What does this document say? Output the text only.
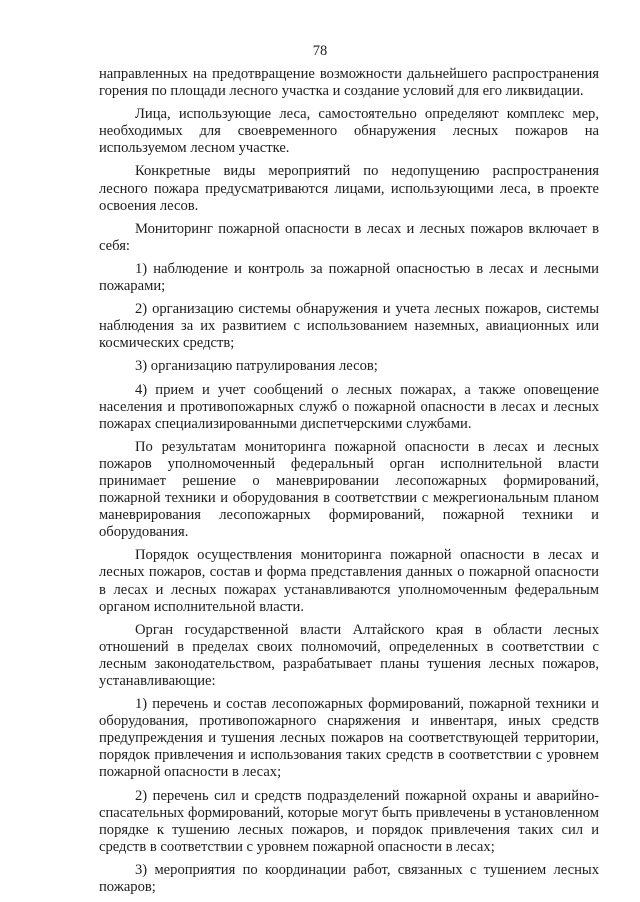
78

направленных на предотвращение возможности дальнейшего распространения горения по площади лесного участка и создание условий для его ликвидации.

Лица, использующие леса, самостоятельно определяют комплекс мер, необходимых для своевременного обнаружения лесных пожаров на используемом лесном участке.

Конкретные виды мероприятий по недопущению распространения лесного пожара предусматриваются лицами, использующими леса, в проекте освоения лесов.

Мониторинг пожарной опасности в лесах и лесных пожаров включает в себя:

1) наблюдение и контроль за пожарной опасностью в лесах и лесными пожарами;

2) организацию системы обнаружения и учета лесных пожаров, системы наблюдения за их развитием с использованием наземных, авиационных или космических средств;

3) организацию патрулирования лесов;

4) прием и учет сообщений о лесных пожарах, а также оповещение населения и противопожарных служб о пожарной опасности в лесах и лесных пожарах специализированными диспетчерскими службами.

По результатам мониторинга пожарной опасности в лесах и лесных пожаров уполномоченный федеральный орган исполнительной власти принимает решение о маневрировании лесопожарных формирований, пожарной техники и оборудования в соответствии с межрегиональным планом маневрирования лесопожарных формирований, пожарной техники и оборудования.

Порядок осуществления мониторинга пожарной опасности в лесах и лесных пожаров, состав и форма представления данных о пожарной опасности в лесах и лесных пожарах устанавливаются уполномоченным федеральным органом исполнительной власти.

Орган государственной власти Алтайского края в области лесных отношений в пределах своих полномочий, определенных в соответствии с лесным законодательством, разрабатывает планы тушения лесных пожаров, устанавливающие:

1) перечень и состав лесопожарных формирований, пожарной техники и оборудования, противопожарного снаряжения и инвентаря, иных средств предупреждения и тушения лесных пожаров на соответствующей территории, порядок привлечения и использования таких средств в соответствии с уровнем пожарной опасности в лесах;

2) перечень сил и средств подразделений пожарной охраны и аварийно-спасательных формирований, которые могут быть привлечены в установленном порядке к тушению лесных пожаров, и порядок привлечения таких сил и средств в соответствии с уровнем пожарной опасности в лесах;

3) мероприятия по координации работ, связанных с тушением лесных пожаров;
